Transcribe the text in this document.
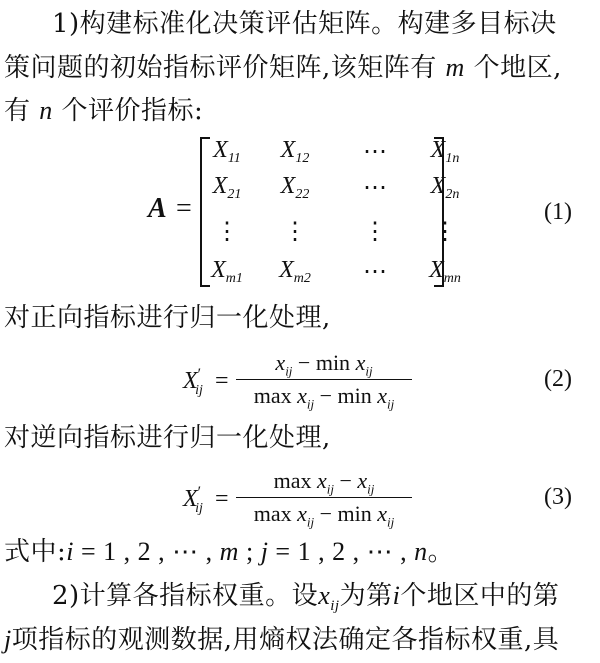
1)构建标准化决策评估矩阵。构建多目标决
策问题的初始指标评价矩阵,该矩阵有 m 个地区,
有 n 个评价指标:
A =
$X_{11}$	$X_{12}$	⋯	$X_{1n}$
$X_{21}$	$X_{22}$	⋯	$X_{2n}$
⋮	⋮	⋮	⋮
$X_{m1}$	$X_{m2}$	⋯	$X_{mn}$
(1)
对正向指标进行归一化处理,
$X'_{ij}$ =
$x_{ij} - \min x_{ij}$
$\max x_{ij} - \min x_{ij}$
(2)
对逆向指标进行归一化处理,
$X'_{ij}$ =
$\max x_{ij} - x_{ij}$
$\max x_{ij} - \min x_{ij}$
(3)
式中:i = 1 , 2 , ⋯ , m ; j = 1 , 2 , ⋯ , n。
2)计算各指标权重。设$x_{ij}$为第i个地区中的第
j项指标的观测数据,用熵权法确定各指标权重,具
